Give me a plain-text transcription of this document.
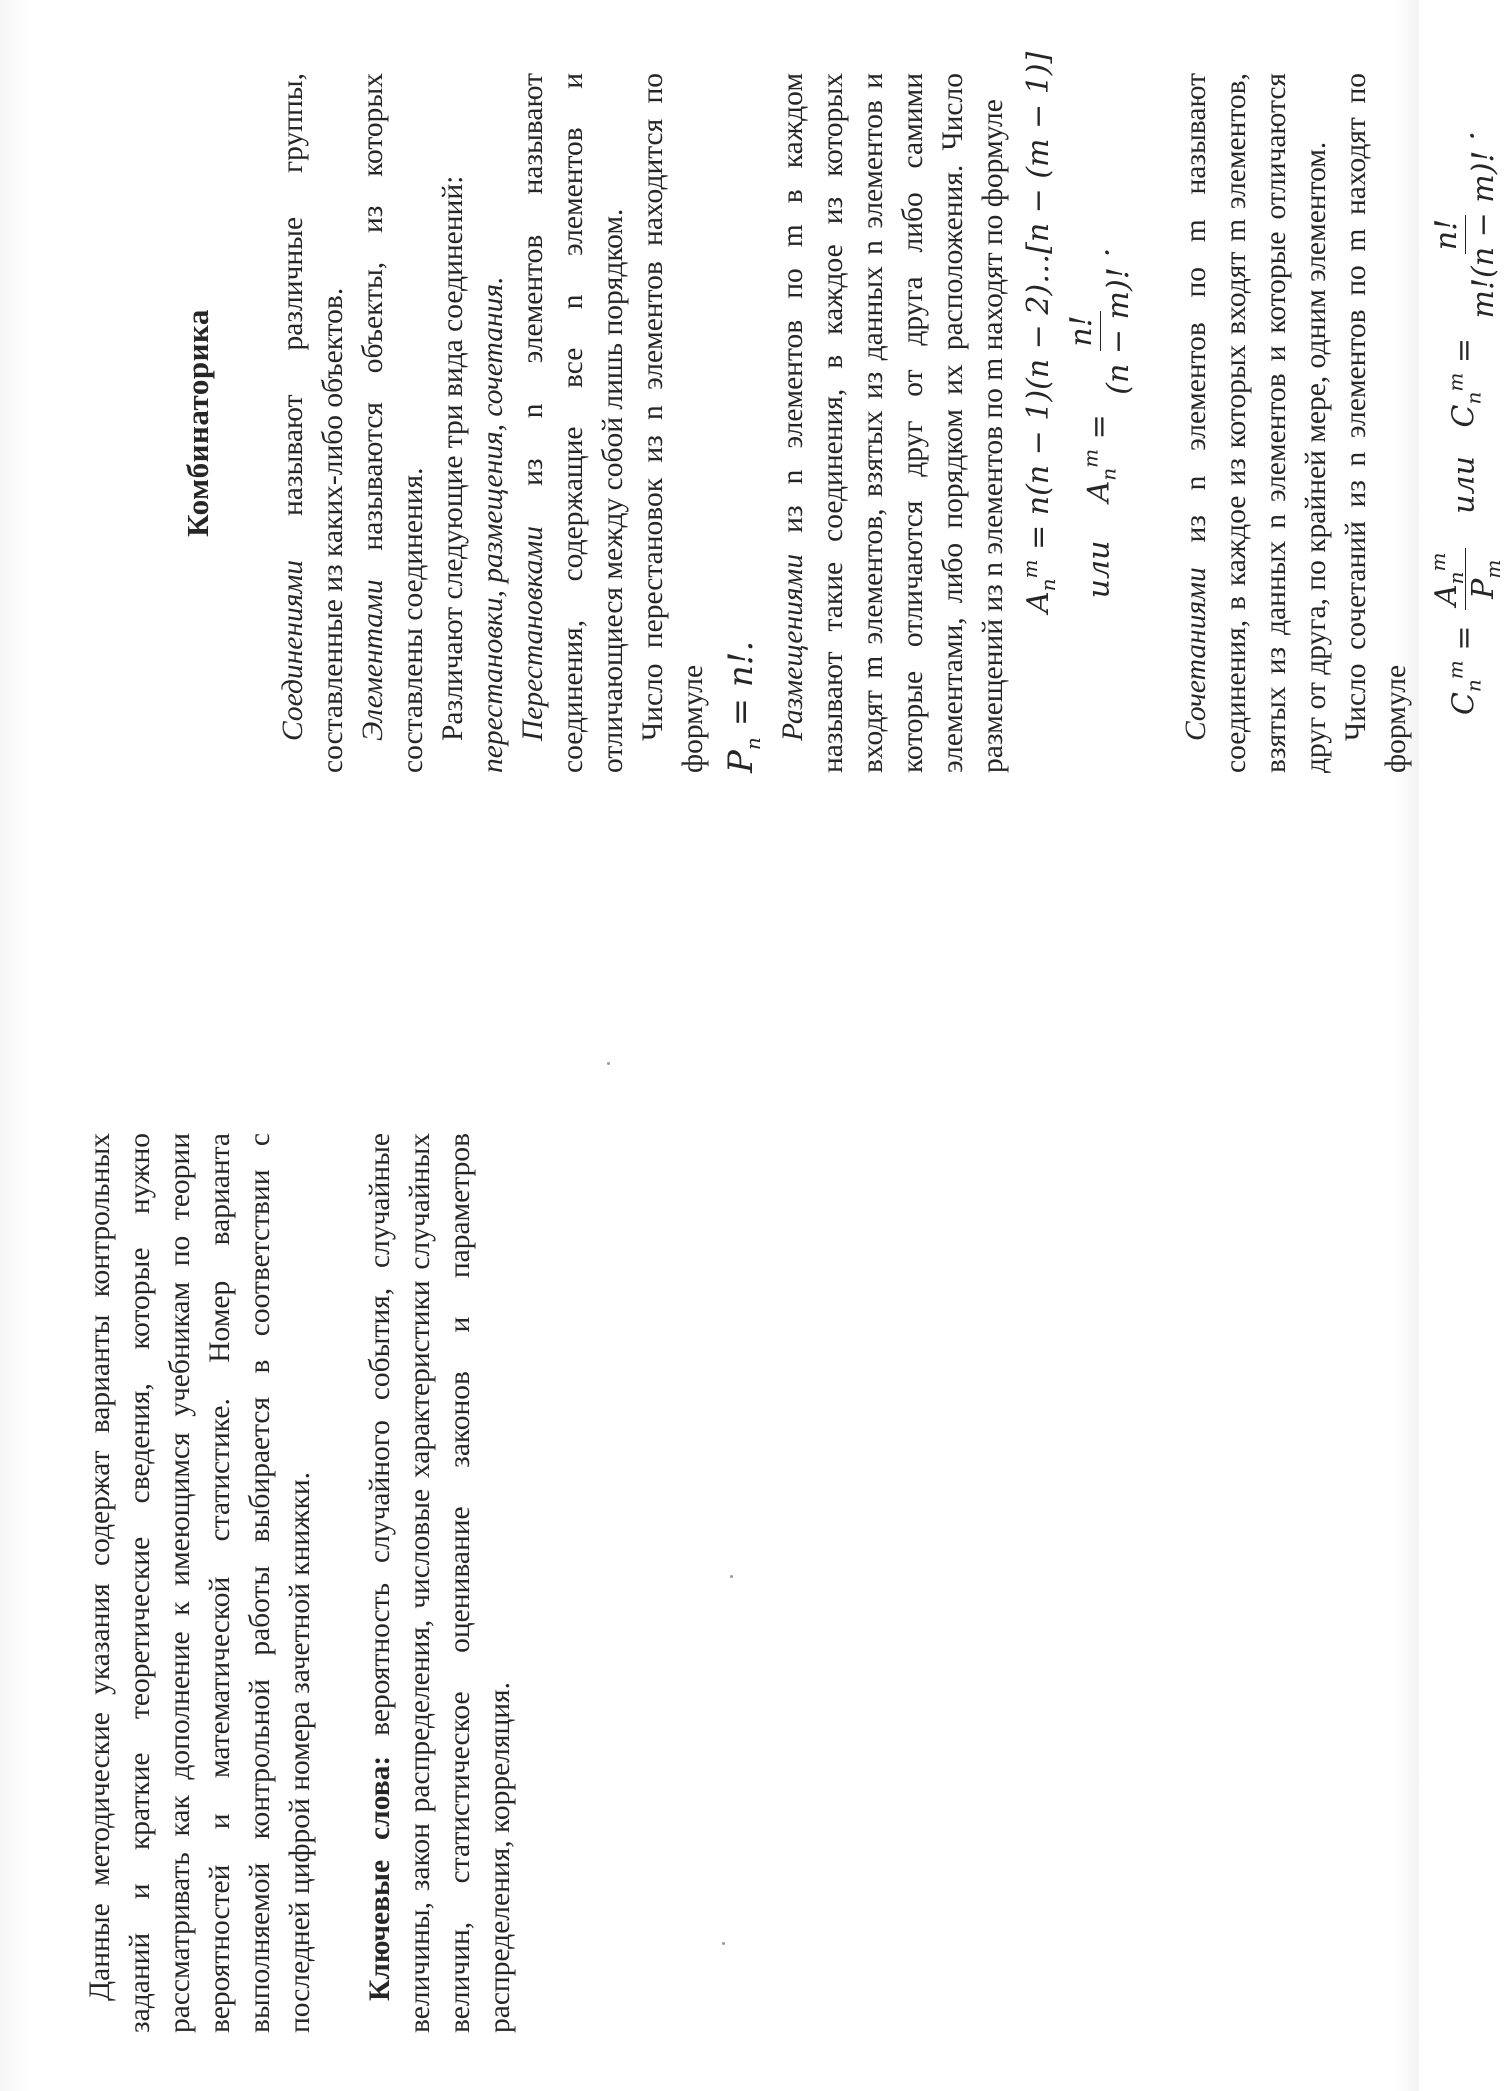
Данные методические указания содержат варианты контрольных заданий и краткие теоретические сведения, которые нужно рассматривать как дополнение к имеющимся учебникам по теории вероятностей и математической статистике. Номер варианта выполняемой контрольной работы выбирается в соответствии с последней цифрой номера зачетной книжки. Ключевые слова: вероятность случайного события, случайные величины, закон распределения, числовые характеристики случайных величин, статистическое оценивание законов и параметров распределения, корреляция.

Комбинаторика

Соединениями называют различные группы, составленные из каких-либо объектов. Элементами называются объекты, из которых составлены соединения. Различают следующие три вида соединений: перестановки, размещения, сочетания. Перестановками из n элементов называют соединения, содержащие все n элементов и отличающиеся между собой лишь порядком. Число перестановок из n элементов находится по формуле $P_n = n$!. Размещениями из n элементов по m в каждом называют такие соединения, в каждое из которых входят m элементов, взятых из данных n элементов и которые отличаются друг от друга либо самими элементами, либо порядком их расположения. Число размещений из n элементов по m находят по формуле $A_n^m = n(n - 1)(n$ − 2)…[n − (m − 1)]
или    $A_n^m$ =
n! (n − m)!
.

Сочетаниями из n элементов по m называют соединения, в каждое из которых входят m элементов, взятых из данных n элементов и которые отличаются друг от друга, по крайней мере, одним элементом. Число сочетаний из n элементов по m находят по формуле	$C_n^m$ =
$A_n^m$
$P_m$
или   $C_n^m$ =
n! m!(n − m)!
.
